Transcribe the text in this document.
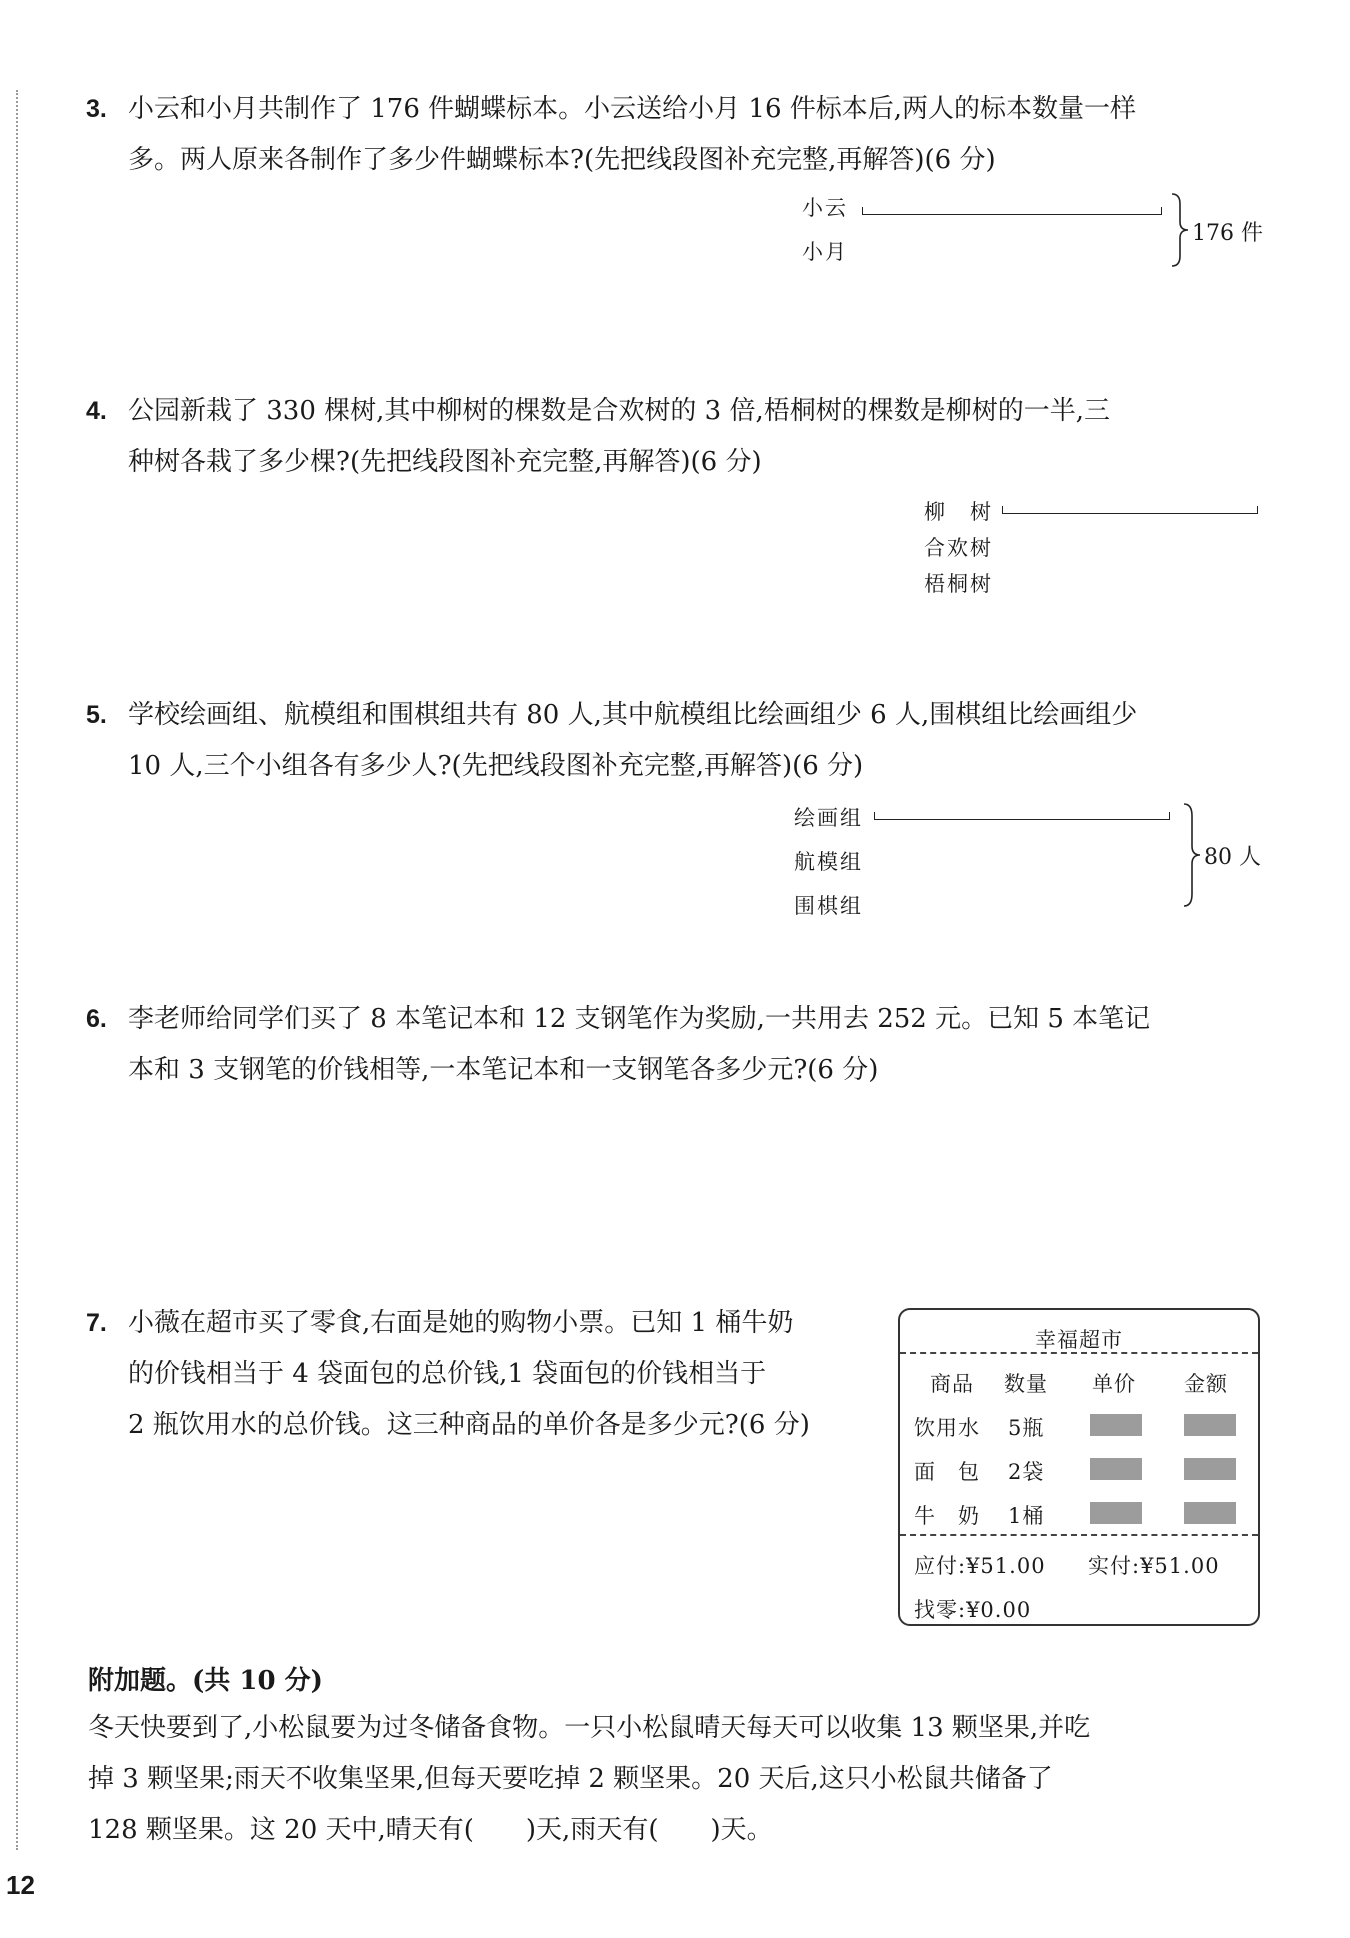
3. 小云和小月共制作了 176 件蝴蝶标本。小云送给小月 16 件标本后,两人的标本数量一样
多。两人原来各制作了多少件蝴蝶标本?(先把线段图补充完整,再解答)(6 分)
小云
小月
176 件
4. 公园新栽了 330 棵树,其中柳树的棵数是合欢树的 3 倍,梧桐树的棵数是柳树的一半,三
种树各栽了多少棵?(先把线段图补充完整,再解答)(6 分)
柳　树
合欢树
梧桐树
5. 学校绘画组、航模组和围棋组共有 80 人,其中航模组比绘画组少 6 人,围棋组比绘画组少
10 人,三个小组各有多少人?(先把线段图补充完整,再解答)(6 分)
绘画组
航模组
围棋组
80 人
6. 李老师给同学们买了 8 本笔记本和 12 支钢笔作为奖励,一共用去 252 元。已知 5 本笔记
本和 3 支钢笔的价钱相等,一本笔记本和一支钢笔各多少元?(6 分)
7. 小薇在超市买了零食,右面是她的购物小票。已知 1 桶牛奶
的价钱相当于 4 袋面包的总价钱,1 袋面包的价钱相当于
2 瓶饮用水的总价钱。这三种商品的单价各是多少元?(6 分)
幸福超市
商品 数量 单价 金额
饮用水 5瓶
面　包 2袋
牛　奶 1桶
应付:¥51.00 实付:¥51.00
找零:¥0.00
附加题。(共 10 分)
冬天快要到了,小松鼠要为过冬储备食物。一只小松鼠晴天每天可以收集 13 颗坚果,并吃
掉 3 颗坚果;雨天不收集坚果,但每天要吃掉 2 颗坚果。20 天后,这只小松鼠共储备了
128 颗坚果。这 20 天中,晴天有(　　)天,雨天有(　　)天。
12
